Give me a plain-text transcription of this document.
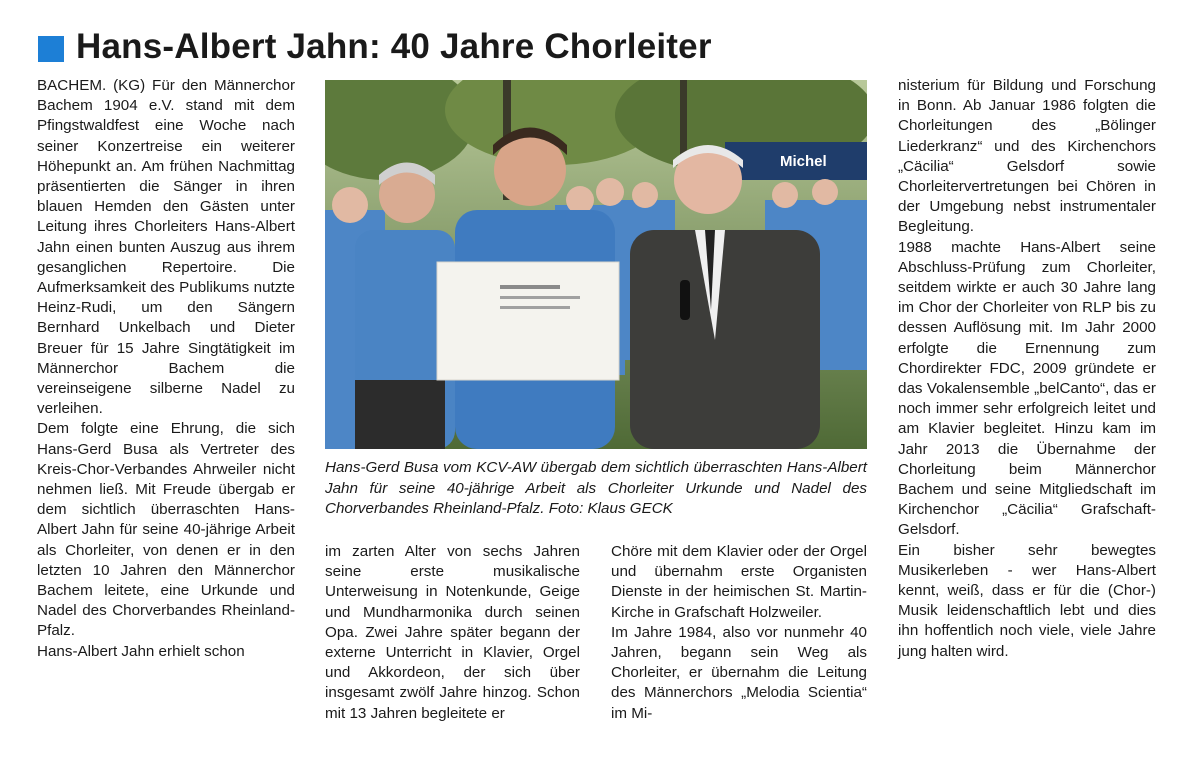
Hans-Albert Jahn: 40 Jahre Chorleiter

BACHEM. (KG) Für den Männerchor Bachem 1904 e.V. stand mit dem Pfingstwaldfest eine Woche nach seiner Konzertreise ein weiterer Höhepunkt an. Am frühen Nachmittag präsentierten die Sänger in ihren blauen Hemden den Gästen unter Leitung ihres Chorleiters Hans-Albert Jahn einen bunten Auszug aus ihrem gesanglichen Repertoire. Die Aufmerksamkeit des Publikums nutzte Heinz-Rudi, um den Sängern Bernhard Unkelbach und Dieter Breuer für 15 Jahre Singtätigkeit im Männerchor Bachem die vereinseigene silberne Nadel zu verleihen.

Dem folgte eine Ehrung, die sich Hans-Gerd Busa als Vertreter des Kreis-Chor-Verbandes Ahrweiler nicht nehmen ließ. Mit Freude übergab er dem sichtlich überraschten Hans-Albert Jahn für seine 40-jährige Arbeit als Chorleiter, von denen er in den letzten 10 Jahren den Männerchor Bachem leitete, eine Urkunde und Nadel des Chorverbandes Rheinland-Pfalz.

Hans-Albert Jahn erhielt schon

Michel

Hans-Gerd Busa vom KCV-AW übergab dem sichtlich überraschten Hans-Albert Jahn für seine 40-jährige Arbeit als Chorleiter Urkunde und Nadel des Chorverbandes Rheinland-Pfalz. Foto: Klaus GECK

im zarten Alter von sechs Jahren seine erste musikalische Unterweisung in Notenkunde, Geige und Mundharmonika durch seinen Opa. Zwei Jahre später begann der externe Unterricht in Klavier, Orgel und Akkordeon, der sich über insgesamt zwölf Jahre hinzog. Schon mit 13 Jahren begleitete er

Chöre mit dem Klavier oder der Orgel und übernahm erste Organisten Dienste in der heimischen St. Martin-Kirche in Grafschaft Holzweiler.

Im Jahre 1984, also vor nunmehr 40 Jahren, begann sein Weg als Chorleiter, er übernahm die Leitung des Männerchors „Melodia Scientia“ im Mi-

nisterium für Bildung und Forschung in Bonn. Ab Januar 1986 folgten die Chorleitungen des „Bölinger Liederkranz“ und des Kirchenchors „Cäcilia“ Gelsdorf sowie Chorleitervertretungen bei Chören in der Umgebung nebst instrumentaler Begleitung.

1988 machte Hans-Albert seine Abschluss-Prüfung zum Chorleiter, seitdem wirkte er auch 30 Jahre lang im Chor der Chorleiter von RLP bis zu dessen Auflösung mit. Im Jahr 2000 erfolgte die Ernennung zum Chordirekter FDC, 2009 gründete er das Vokalensemble „belCanto“, das er noch immer sehr erfolgreich leitet und am Klavier begleitet. Hinzu kam im Jahr 2013 die Übernahme der Chorleitung beim Männerchor Bachem und seine Mitgliedschaft im Kirchenchor „Cäcilia“ Grafschaft-Gelsdorf.

Ein bisher sehr bewegtes Musikerleben - wer Hans-Albert kennt, weiß, dass er für die (Chor-) Musik leidenschaftlich lebt und dies ihn hoffentlich noch viele, viele Jahre jung halten wird.
